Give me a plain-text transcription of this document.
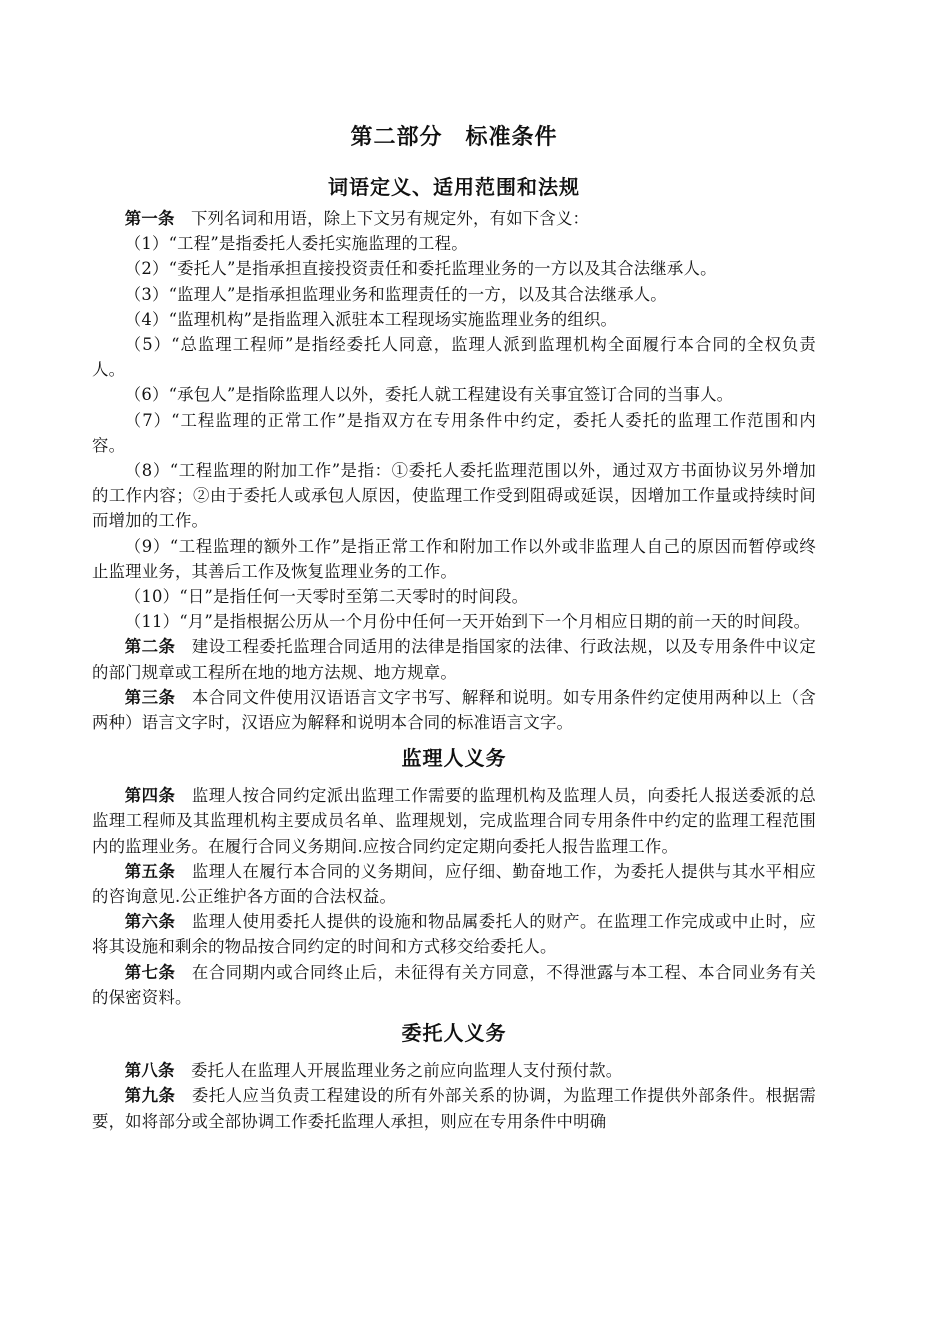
第二部分　标准条件
词语定义、适用范围和法规

第一条 下列名词和用语，除上下文另有规定外，有如下含义：

（1）“工程”是指委托人委托实施监理的工程。

（2）“委托人”是指承担直接投资责任和委托监理业务的一方以及其合法继承人。

（3）“监理人”是指承担监理业务和监理责任的一方，以及其合法继承人。

（4）“监理机构”是指监理入派驻本工程现场实施监理业务的组织。

（5）“总监理工程师”是指经委托人同意，监理人派到监理机构全面履行本合同的全权负责人。

（6）“承包人”是指除监理人以外，委托人就工程建设有关事宜签订合同的当事人。

（7）“工程监理的正常工作”是指双方在专用条件中约定，委托人委托的监理工作范围和内容。

（8）“工程监理的附加工作”是指：①委托人委托监理范围以外，通过双方书面协议另外增加的工作内容；②由于委托人或承包人原因，使监理工作受到阻碍或延误，因增加工作量或持续时间而增加的工作。

（9）“工程监理的额外工作”是指正常工作和附加工作以外或非监理人自己的原因而暂停或终止监理业务，其善后工作及恢复监理业务的工作。

（10）“日”是指任何一天零时至第二天零时的时间段。

（11）“月”是指根据公历从一个月份中任何一天开始到下一个月相应日期的前一天的时间段。

第二条 建设工程委托监理合同适用的法律是指国家的法律、行政法规，以及专用条件中议定的部门规章或工程所在地的地方法规、地方规章。

第三条 本合同文件使用汉语语言文字书写、解释和说明。如专用条件约定使用两种以上（含两种）语言文字时，汉语应为解释和说明本合同的标准语言文字。

监理人义务

第四条 监理人按合同约定派出监理工作需要的监理机构及监理人员，向委托人报送委派的总监理工程师及其监理机构主要成员名单、监理规划，完成监理合同专用条件中约定的监理工程范围内的监理业务。在履行合同义务期间.应按合同约定定期向委托人报告监理工作。

第五条 监理人在履行本合同的义务期间，应仔细、勤奋地工作，为委托人提供与其水平相应的咨询意见.公正维护各方面的合法权益。

第六条 监理人使用委托人提供的设施和物品属委托人的财产。在监理工作完成或中止时，应将其设施和剩余的物品按合同约定的时间和方式移交给委托人。

第七条 在合同期内或合同终止后，未征得有关方同意，不得泄露与本工程、本合同业务有关的保密资料。

委托人义务

第八条 委托人在监理人开展监理业务之前应向监理人支付预付款。

第九条 委托人应当负责工程建设的所有外部关系的协调，为监理工作提供外部条件。根据需要，如将部分或全部协调工作委托监理人承担，则应在专用条件中明确
